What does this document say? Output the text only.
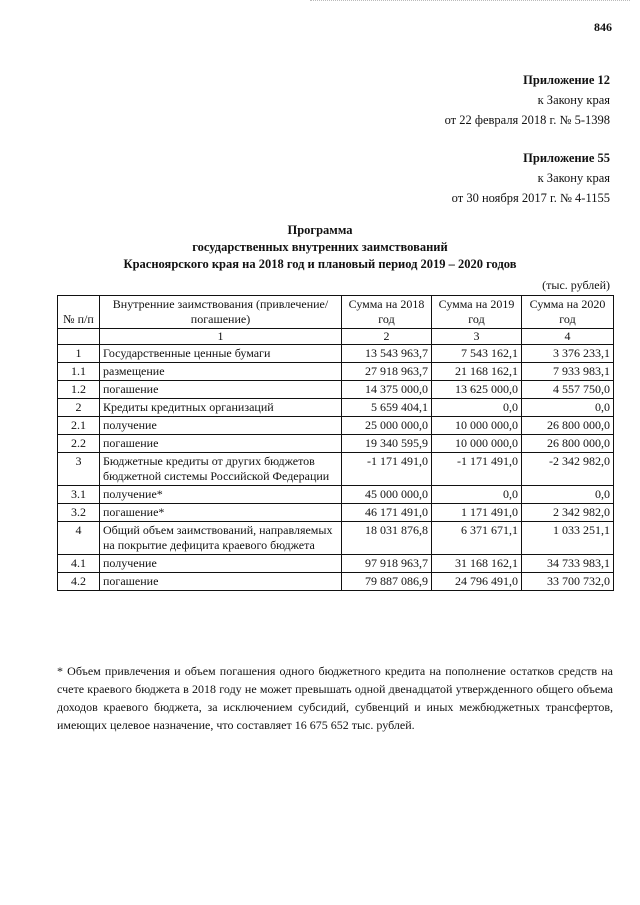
846
Приложение 12
к Закону края
от 22 февраля 2018 г. № 5-1398
Приложение 55
к Закону края
от 30 ноября 2017 г. № 4-1155
Программа
государственных внутренних заимствований
Красноярского края на 2018 год и плановый период 2019 – 2020 годов
(тыс. рублей)
№ п/п	Внутренние заимствования (привлечение/ погашение)	Сумма на 2018 год	Сумма на 2019 год	Сумма на 2020 год
	1	2	3	4
1	Государственные ценные бумаги	13 543 963,7	7 543 162,1	3 376 233,1
1.1	размещение	27 918 963,7	21 168 162,1	7 933 983,1
1.2	погашение	14 375 000,0	13 625 000,0	4 557 750,0
2	Кредиты кредитных организаций	5 659 404,1	0,0	0,0
2.1	получение	25 000 000,0	10 000 000,0	26 800 000,0
2.2	погашение	19 340 595,9	10 000 000,0	26 800 000,0
3	Бюджетные кредиты от других бюджетов бюджетной системы Российской Федерации	-1 171 491,0	-1 171 491,0	-2 342 982,0
3.1	получение*	45 000 000,0	0,0	0,0
3.2	погашение*	46 171 491,0	1 171 491,0	2 342 982,0
4	Общий объем заимствований, направляемых на покрытие дефицита краевого бюджета	18 031 876,8	6 371 671,1	1 033 251,1
4.1	получение	97 918 963,7	31 168 162,1	34 733 983,1
4.2	погашение	79 887 086,9	24 796 491,0	33 700 732,0
* Объем привлечения и объем погашения одного бюджетного кредита на пополнение остатков средств на счете краевого бюджета в 2018 году не может превышать одной двенадцатой утвержденного общего объема доходов краевого бюджета, за исключением субсидий, субвенций и иных межбюджетных трансфертов, имеющих целевое назначение, что составляет 16 675 652 тыс. рублей.
